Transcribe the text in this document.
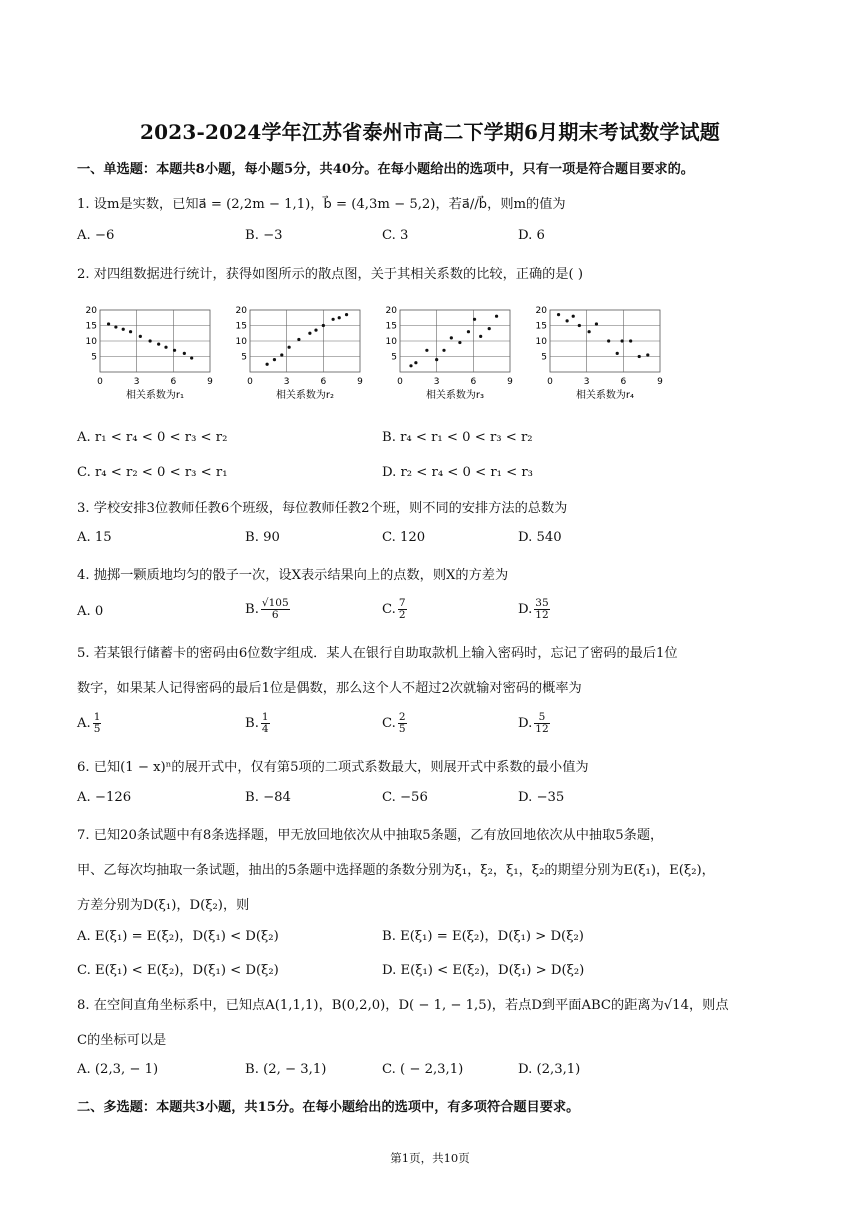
2023-2024学年江苏省泰州市高二下学期6月期末考试数学试题
一、单选题：本题共8小题，每小题5分，共40分。在每小题给出的选项中，只有一项是符合题目要求的。
1. 设m是实数，已知a⃗ = (2,2m − 1,1)，b⃗ = (4,3m − 5,2)，若a⃗//b⃗，则m的值为
A. −6	B. −3	C. 3	D. 6
2. 对四组数据进行统计，获得如图所示的散点图，关于其相关系数的比较，正确的是( )
0	3	6	9
5
10
15
20
相关系数为r₁
0	3	6	9
5
10
15
20
相关系数为r₂
0	3	6	9
5
10
15
20
相关系数为r₃
0	3	6	9
5
10
15
20
相关系数为r₄
A. r₁ < r₄ < 0 < r₃ < r₂	B. r₄ < r₁ < 0 < r₃ < r₂
C. r₄ < r₂ < 0 < r₃ < r₁	D. r₂ < r₄ < 0 < r₁ < r₃
3. 学校安排3位教师任教6个班级，每位教师任教2个班，则不同的安排方法的总数为
A. 15	B. 90	C. 120	D. 540
4. 抛掷一颗质地均匀的骰子一次，设X表示结果向上的点数，则X的方差为
A. 0	B. $\frac{√105}{6}$	C. $\frac{7}{2}$	D. $\frac{35}{12}$
5. 若某银行储蓄卡的密码由6位数字组成．某人在银行自助取款机上输入密码时，忘记了密码的最后1位
数字，如果某人记得密码的最后1位是偶数，那么这个人不超过2次就输对密码的概率为
A. $\frac{1}{5}$	B. $\frac{1}{4}$	C. $\frac{2}{5}$	D. $\frac{5}{12}$
6. 已知(1 − x)ⁿ的展开式中，仅有第5项的二项式系数最大，则展开式中系数的最小值为
A. −126	B. −84	C. −56	D. −35
7. 已知20条试题中有8条选择题，甲无放回地依次从中抽取5条题，乙有放回地依次从中抽取5条题，
甲、乙每次均抽取一条试题，抽出的5条题中选择题的条数分别为ξ₁，ξ₂，ξ₁，ξ₂的期望分别为E(ξ₁)，E(ξ₂)，
方差分别为D(ξ₁)，D(ξ₂)，则
A. E(ξ₁) = E(ξ₂)，D(ξ₁) < D(ξ₂)	B. E(ξ₁) = E(ξ₂)，D(ξ₁) > D(ξ₂)
C. E(ξ₁) < E(ξ₂)，D(ξ₁) < D(ξ₂)	D. E(ξ₁) < E(ξ₂)，D(ξ₁) > D(ξ₂)
8. 在空间直角坐标系中，已知点A(1,1,1)，B(0,2,0)，D( − 1, − 1,5)，若点D到平面ABC的距离为√14，则点
C的坐标可以是
A. (2,3, − 1)	B. (2, − 3,1)	C. ( − 2,3,1)	D. (2,3,1)
二、多选题：本题共3小题，共15分。在每小题给出的选项中，有多项符合题目要求。
第1页，共10页
